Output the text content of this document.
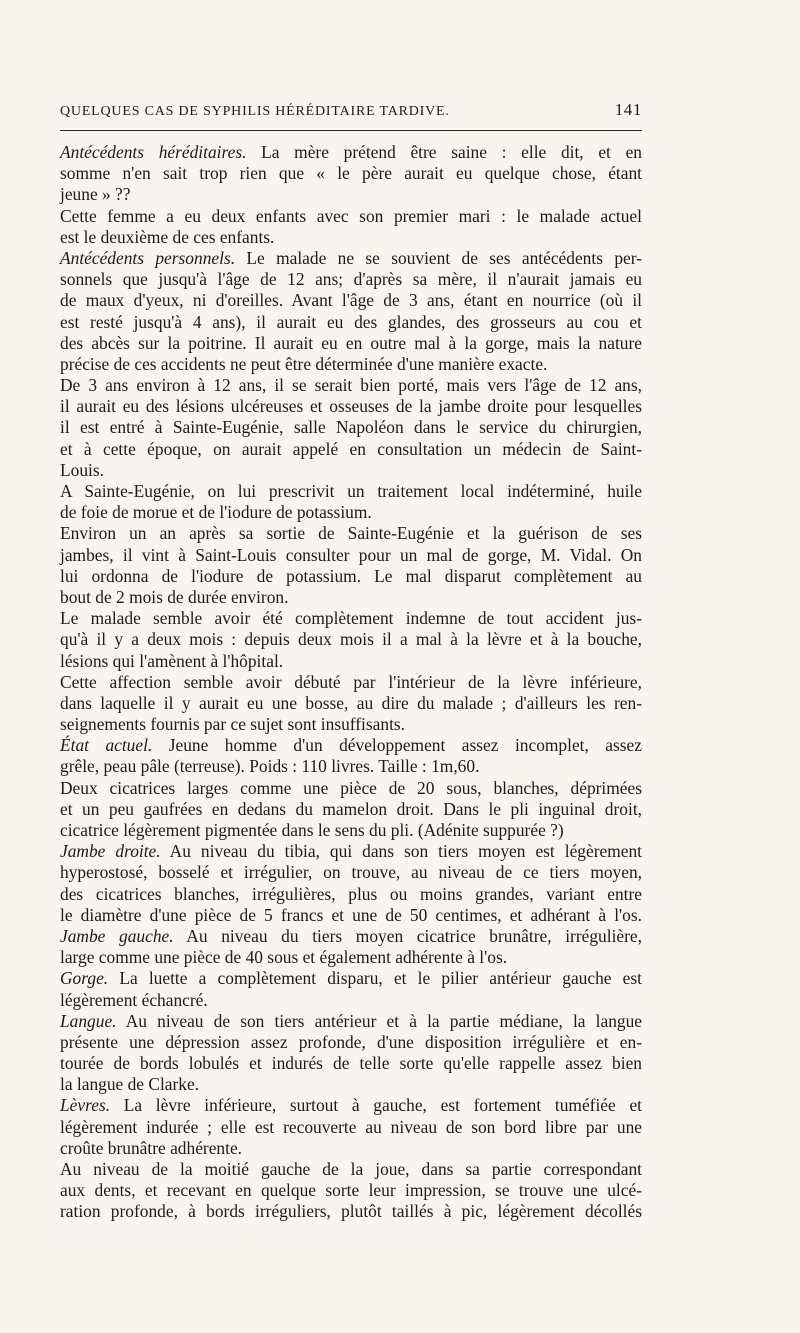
QUELQUES CAS DE SYPHILIS HÉRÉDITAIRE TARDIVE.	141
Antécédents héréditaires. La mère prétend être saine : elle dit, et en
somme n'en sait trop rien que « le père aurait eu quelque chose, étant
jeune » ??
Cette femme a eu deux enfants avec son premier mari : le malade actuel
est le deuxième de ces enfants.
Antécédents personnels. Le malade ne se souvient de ses antécédents per-
sonnels que jusqu'à l'âge de 12 ans; d'après sa mère, il n'aurait jamais eu
de maux d'yeux, ni d'oreilles. Avant l'âge de 3 ans, étant en nourrice (où il
est resté jusqu'à 4 ans), il aurait eu des glandes, des grosseurs au cou et
des abcès sur la poitrine. Il aurait eu en outre mal à la gorge, mais la nature
précise de ces accidents ne peut être déterminée d'une manière exacte.
De 3 ans environ à 12 ans, il se serait bien porté, mais vers l'âge de 12 ans,
il aurait eu des lésions ulcéreuses et osseuses de la jambe droite pour lesquelles
il est entré à Sainte-Eugénie, salle Napoléon dans le service du chirurgien,
et à cette époque, on aurait appelé en consultation un médecin de Saint-
Louis.
A Sainte-Eugénie, on lui prescrivit un traitement local indéterminé, huile
de foie de morue et de l'iodure de potassium.
Environ un an après sa sortie de Sainte-Eugénie et la guérison de ses
jambes, il vint à Saint-Louis consulter pour un mal de gorge, M. Vidal. On
lui ordonna de l'iodure de potassium. Le mal disparut complètement au
bout de 2 mois de durée environ.
Le malade semble avoir été complètement indemne de tout accident jus-
qu'à il y a deux mois : depuis deux mois il a mal à la lèvre et à la bouche,
lésions qui l'amènent à l'hôpital.
Cette affection semble avoir débuté par l'intérieur de la lèvre inférieure,
dans laquelle il y aurait eu une bosse, au dire du malade ; d'ailleurs les ren-
seignements fournis par ce sujet sont insuffisants.
État actuel. Jeune homme d'un développement assez incomplet, assez
grêle, peau pâle (terreuse). Poids : 110 livres. Taille : 1m,60.
Deux cicatrices larges comme une pièce de 20 sous, blanches, déprimées
et un peu gaufrées en dedans du mamelon droit. Dans le pli inguinal droit,
cicatrice légèrement pigmentée dans le sens du pli. (Adénite suppurée ?)
Jambe droite. Au niveau du tibia, qui dans son tiers moyen est légèrement
hyperostosé, bosselé et irrégulier, on trouve, au niveau de ce tiers moyen,
des cicatrices blanches, irrégulières, plus ou moins grandes, variant entre
le diamètre d'une pièce de 5 francs et une de 50 centimes, et adhérant à l'os.
Jambe gauche. Au niveau du tiers moyen cicatrice brunâtre, irrégulière,
large comme une pièce de 40 sous et également adhérente à l'os.
Gorge. La luette a complètement disparu, et le pilier antérieur gauche est
légèrement échancré.
Langue. Au niveau de son tiers antérieur et à la partie médiane, la langue
présente une dépression assez profonde, d'une disposition irrégulière et en-
tourée de bords lobulés et indurés de telle sorte qu'elle rappelle assez bien
la langue de Clarke.
Lèvres. La lèvre inférieure, surtout à gauche, est fortement tuméfiée et
légèrement indurée ; elle est recouverte au niveau de son bord libre par une
croûte brunâtre adhérente.
Au niveau de la moitié gauche de la joue, dans sa partie correspondant
aux dents, et recevant en quelque sorte leur impression, se trouve une ulcé-
ration profonde, à bords irréguliers, plutôt taillés à pic, légèrement décollés
